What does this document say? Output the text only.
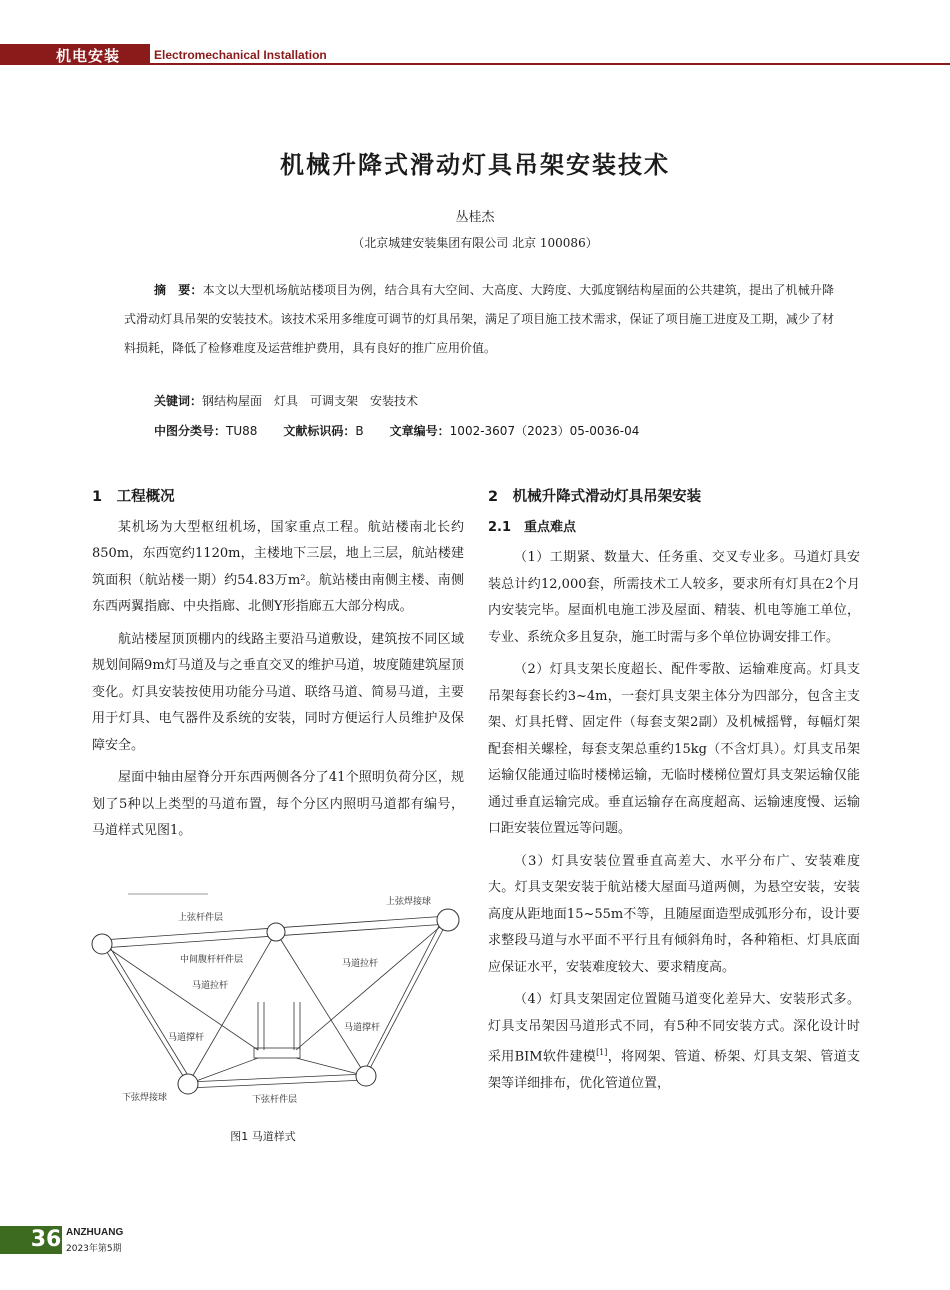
机电安装	Electromechanical Installation
机械升降式滑动灯具吊架安装技术
丛桂杰
（北京城建安装集团有限公司 北京 100086）
摘　要：本文以大型机场航站楼项目为例，结合具有大空间、大高度、大跨度、大弧度钢结构屋面的公共建筑，提出了机械升降式滑动灯具吊架的安装技术。该技术采用多维度可调节的灯具吊架，满足了项目施工技术需求，保证了项目施工进度及工期，减少了材料损耗，降低了检修难度及运营维护费用，具有良好的推广应用价值。
关键词：钢结构屋面　灯具　可调支架　安装技术
中图分类号：TU88 文献标识码：B 文章编号：1002-3607（2023）05-0036-04
1　工程概况

某机场为大型枢纽机场，国家重点工程。航站楼南北长约850m，东西宽约1120m，主楼地下三层，地上三层，航站楼建筑面积（航站楼一期）约54.83万m²。航站楼由南侧主楼、南侧东西两翼指廊、中央指廊、北侧Y形指廊五大部分构成。

航站楼屋顶顶棚内的线路主要沿马道敷设，建筑按不同区域规划间隔9m灯马道及与之垂直交叉的维护马道，坡度随建筑屋顶变化。灯具安装按使用功能分马道、联络马道、简易马道，主要用于灯具、电气器件及系统的安装，同时方便运行人员维护及保障安全。

屋面中轴由屋脊分开东西两侧各分了41个照明负荷分区，规划了5种以上类型的马道布置，每个分区内照明马道都有编号，马道样式见图1。

上弦焊接球
上弦杆件层
中间腹杆杆件层
马道拉杆
马道拉杆
马道撑杆
马道撑杆
下弦焊接球	下弦杆件层
图1 马道样式
2　机械升降式滑动灯具吊架安装
2.1　重点难点

（1）工期紧、数量大、任务重、交叉专业多。马道灯具安装总计约12,000套，所需技术工人较多，要求所有灯具在2个月内安装完毕。屋面机电施工涉及屋面、精装、机电等施工单位，专业、系统众多且复杂，施工时需与多个单位协调安排工作。

（2）灯具支架长度超长、配件零散、运输难度高。灯具支吊架每套长约3~4m，一套灯具支架主体分为四部分，包含主支架、灯具托臂、固定件（每套支架2副）及机械摇臂，每幅灯架配套相关螺栓，每套支架总重约15kg（不含灯具）。灯具支吊架运输仅能通过临时楼梯运输，无临时楼梯位置灯具支架运输仅能通过垂直运输完成。垂直运输存在高度超高、运输速度慢、运输口距安装位置远等问题。

（3）灯具安装位置垂直高差大、水平分布广、安装难度大。灯具支架安装于航站楼大屋面马道两侧，为悬空安装，安装高度从距地面15~55m不等，且随屋面造型成弧形分布，设计要求整段马道与水平面不平行且有倾斜角时，各种箱柜、灯具底面应保证水平，安装难度较大、要求精度高。

（4）灯具支架固定位置随马道变化差异大、安装形式多。灯具支吊架因马道形式不同，有5种不同安装方式。深化设计时采用BIM软件建模[1]，将网架、管道、桥架、灯具支架、管道支架等详细排布，优化管道位置，

36 ANZHUANG
2023年第5期
